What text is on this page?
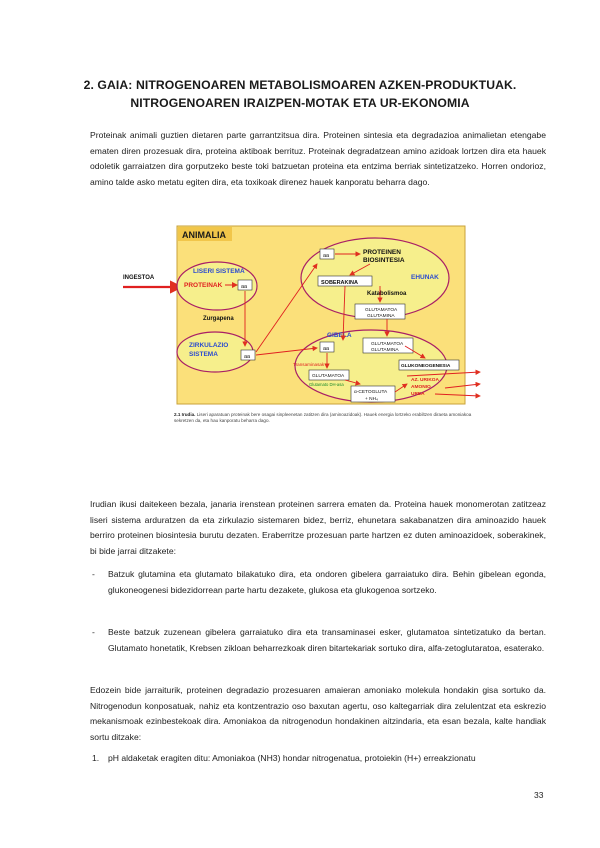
2. GAIA: NITROGENOAREN METABOLISMOAREN AZKEN-PRODUKTUAK.
NITROGENOAREN IRAIZPEN-MOTAK ETA UR-EKONOMIA

Proteinak animali guztien dietaren parte garrantzitsua dira. Proteinen sintesia eta degradazioa animalietan etengabe ematen diren prozesuak dira, proteina aktiboak berrituz. Proteinak degradatzean amino azidoak lortzen dira eta hauek odoletik garraiatzen dira gorputzeko beste toki batzuetan proteina eta entzima berriak sintetizatzeko. Horren ondorioz, amino talde asko metatu egiten dira, eta toxikoak direnez hauek kanporatu beharra dago.

ANIMALIA
INGESTOA
LISERI SISTEMA
PROTEINAK	aa
Zurgapena
ZIRKULAZIO
SISTEMA	aa
aa	PROTEINEN
BIOSINTESIA
EHUNAK
SOBERAKINA
Katabolismoa
GLUTAMATOA
GLUTAMINA
GIBELA
aa
GLUTAMATOA
GLUTAMINA
Transaminasak	GLUKONEOGENESIA
GLUTAMATOA
Glutamato DH-asa
α-CETOGLUTA
+ NH₄
AZ. URIKOA
AMONIO
UREA
2.1 Irudia. Liseri aparatuan proteinak bere osagai sinpleenetan zatitzen dira (aminoazidoak). Hauek energia lortzeko erabiltzen diraeta amoniakoa sekretzen da, eta hau kanporatu beharra dago.

Irudian ikusi daitekeen bezala, janaria irenstean proteinen sarrera ematen da. Proteina hauek monomerotan zatitzeaz liseri sistema arduratzen da eta zirkulazio sistemaren bidez, berriz, ehunetara sakabanatzen dira aminoazido hauek berriro proteinen biosintesia burutu dezaten. Eraberritze prozesuan parte hartzen ez duten aminoazidoek, soberakinek, bi bide jarrai ditzakete:

- Batzuk glutamina eta glutamato bilakatuko dira, eta ondoren gibelera garraiatuko dira. Behin gibelean egonda, glukoneogenesi bidezidorrean parte hartu dezakete, glukosa eta glukogenoa sortzeko.

- Beste batzuk zuzenean gibelera garraiatuko dira eta transaminasei esker, glutamatoa sintetizatuko da bertan. Glutamato honetatik, Krebsen zikloan beharrezkoak diren bitartekariak sortuko dira, alfa-zetoglutaratoa, esaterako.

Edozein bide jarraiturik, proteinen degradazio prozesuaren amaieran amoniako molekula hondakin gisa sortuko da. Nitrogenodun konposatuak, nahiz eta kontzentrazio oso baxutan agertu, oso kaltegarriak dira zelulentzat eta eskrezio mekanismoak ezinbestekoak dira. Amoniakoa da nitrogenodun hondakinen aitzindaria, eta esan bezala, kalte handiak sortu ditzake:

1. pH aldaketak eragiten ditu: Amoniakoa (NH3) hondar nitrogenatua, protoiekin (H+) erreakzionatu

33
